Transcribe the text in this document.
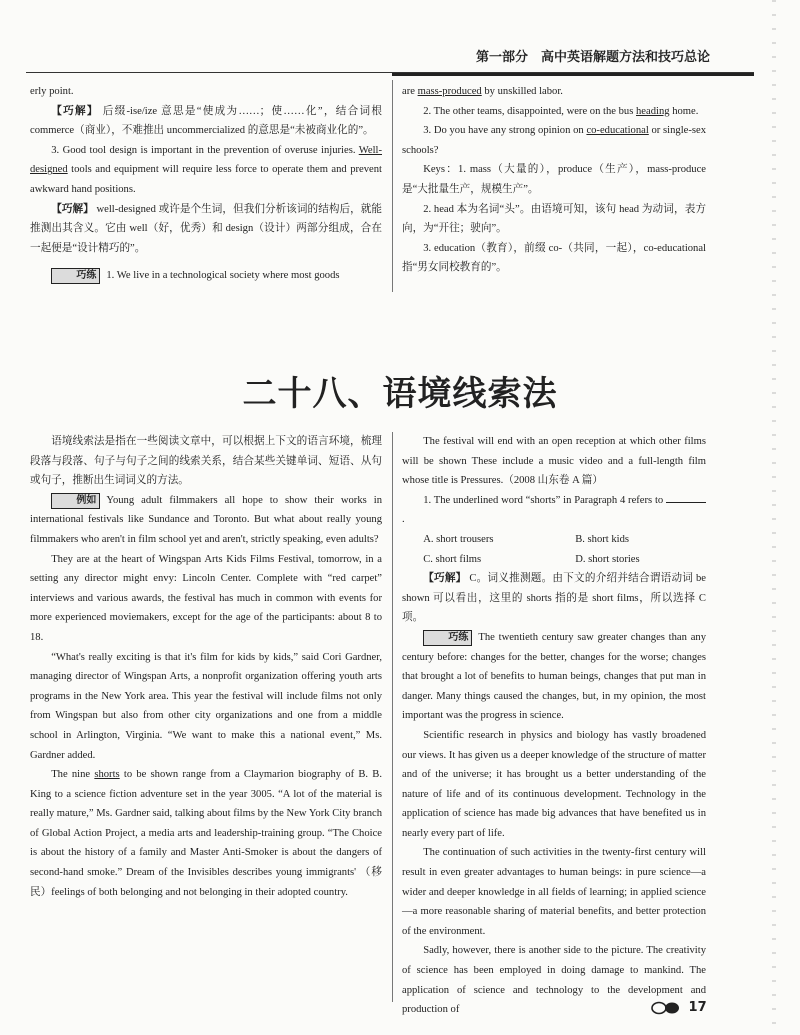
第一部分　高中英语解题方法和技巧总论

erly point.

【巧解】 后缀-ise/ize 意思是“使成为……；使……化”，结合词根 commerce（商业），不难推出 uncommercialized 的意思是“未被商业化的”。

3. Good tool design is important in the prevention of overuse injuries. Well-designed tools and equipment will require less force to operate them and prevent awkward hand positions.

【巧解】 well-designed 或许是个生词，但我们分析该词的结构后，就能推测出其含义。它由 well（好，优秀）和 design（设计）两部分组成，合在一起便是“设计精巧的”。

巧练 1. We live in a technological society where most goods

are mass-produced by unskilled labor.

2. The other teams, disappointed, were on the bus heading home.

3. Do you have any strong opinion on co-educational or single-sex schools?

Keys：1. mass（大量的），produce（生产），mass-produce 是“大批量生产，规模生产”。

2. head 本为名词“头”。由语境可知，该句 head 为动词，表方向，为“开往；驶向”。

3. education（教育），前缀 co-（共同，一起），co-educational 指“男女同校教育的”。

二十八、语境线索法

语境线索法是指在一些阅读文章中，可以根据上下文的语言环境，梳理段落与段落、句子与句子之间的线索关系，结合某些关键单词、短语、从句或句子，推断出生词词义的方法。

例如 Young adult filmmakers all hope to show their works in international festivals like Sundance and Toronto. But what about really young filmmakers who aren't in film school yet and aren't, strictly speaking, even adults?

They are at the heart of Wingspan Arts Kids Films Festival, tomorrow, in a setting any director might envy: Lincoln Center. Complete with “red carpet” interviews and various awards, the festival has much in common with events for more experienced moviemakers, except for the age of the participants: about 8 to 18.

“What's really exciting is that it's film for kids by kids,” said Cori Gardner, managing director of Wingspan Arts, a nonprofit organization offering youth arts programs in the New York area. This year the festival will include films not only from Wingspan but also from other city organizations and one from a middle school in Arlington, Virginia. “We want to make this a national event,” Ms. Gardner added.

The nine shorts to be shown range from a Claymarion biography of B. B. King to a science fiction adventure set in the year 3005. “A lot of the material is really mature,” Ms. Gardner said, talking about films by the New York City branch of Global Action Project, a media arts and leadership-training group. “The Choice is about the history of a family and Master Anti-Smoker is about the dangers of second-hand smoke.” Dream of the Invisibles describes young immigrants' （移民）feelings of both belonging and not belonging in their adopted country.

The festival will end with an open reception at which other films will be shown These include a music video and a full-length film whose title is Pressures.（2008 山东卷 A 篇）

1. The underlined word “shorts” in Paragraph 4 refers to .

A. short trousers	B. short kids
C. short films	D. short stories

【巧解】 C。词义推测题。由下文的介绍并结合谓语动词 be shown 可以看出，这里的 shorts 指的是 short films，所以选择 C 项。

巧练 The twentieth century saw greater changes than any century before: changes for the better, changes for the worse; changes that brought a lot of benefits to human beings, changes that put man in danger. Many things caused the changes, but, in my opinion, the most important was the progress in science.

Scientific research in physics and biology has vastly broadened our views. It has given us a deeper knowledge of the structure of matter and of the universe; it has brought us a better understanding of the nature of life and of its continuous development. Technology in the application of science has made big advances that have benefited us in nearly every part of life.

The continuation of such activities in the twenty-first century will result in even greater advantages to human beings: in pure science—a wider and deeper knowledge in all fields of learning; in applied science—a more reasonable sharing of material benefits, and better protection of the environment.

Sadly, however, there is another side to the picture. The creativity of science has been employed in doing damage to mankind. The application of science and technology to the development and production of	17
